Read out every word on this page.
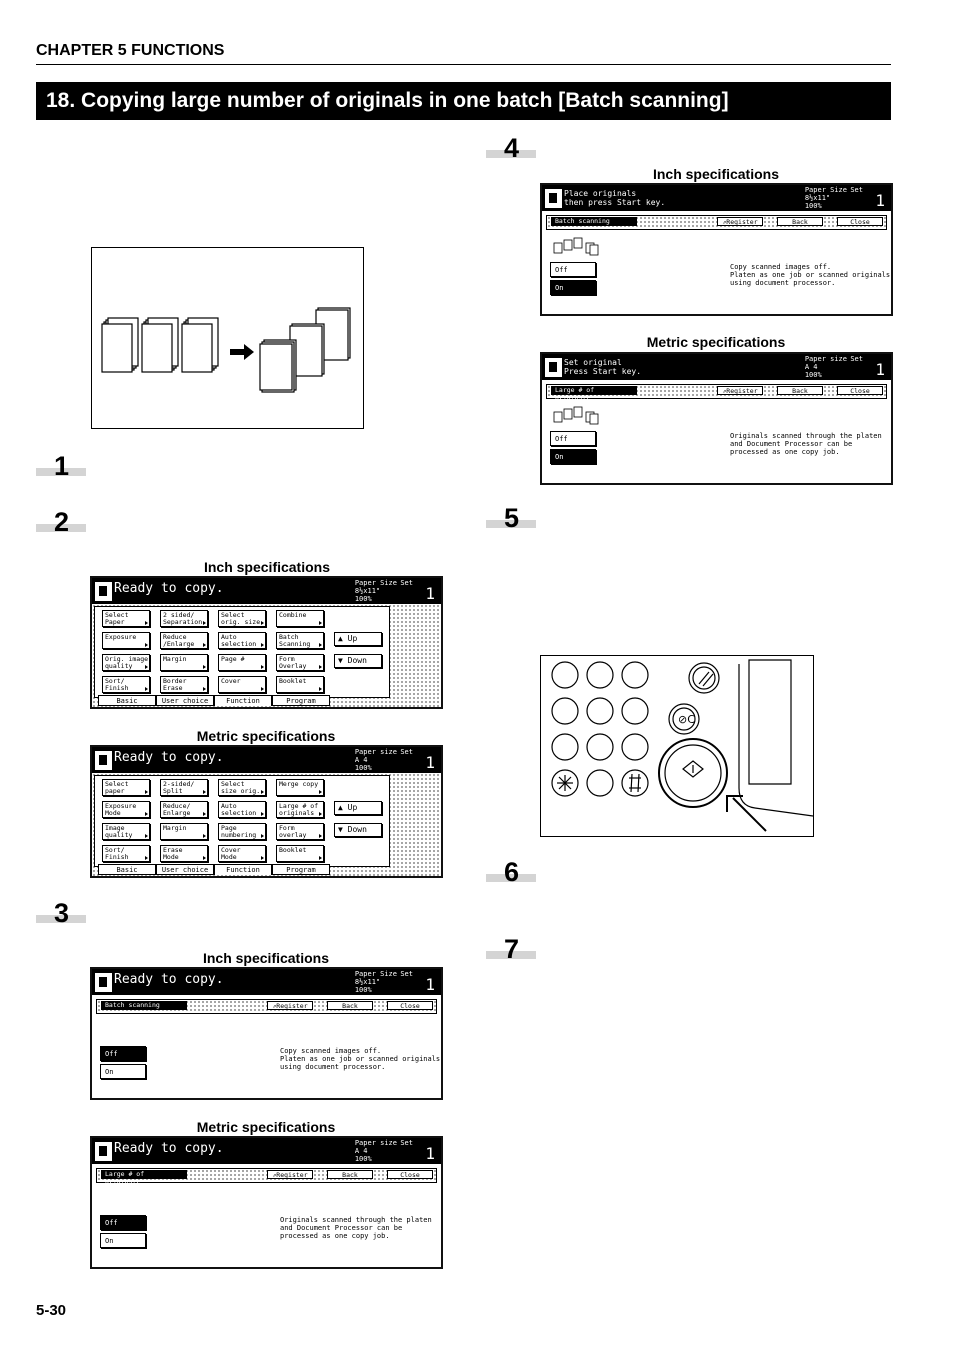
CHAPTER 5 FUNCTIONS
18. Copying large number of originals in one batch [Batch scanning]
1
2
3
4
5
6
7
Inch specifications
Ready to copy.	Paper Size
8½x11"
100%
Set
1
Select
Paper
2 sided/
Separation
Select
orig. size
Combine
Exposure	Reduce
/Enlarge
Auto
selection
Batch
Scanning
Orig. image
quality
Margin	Page #	Form
Overlay
Sort/
Finish
Border
Erase
Cover	Booklet
▲ Up
▼ Down
Basic	User choice	Function	Program
Metric specifications
Ready to copy.	Paper size
A 4
100%
Set
1
Select
paper
2-sided/
Split
Select
size orig.
Merge copy
Exposure
Mode
Reduce/
Enlarge
Auto
selection
Large # of
originals
Image
quality
Margin	Page
numbering
Form
overlay
Sort/
Finish
Erase
Mode
Cover
Mode
Booklet
▲ Up
▼ Down
Basic	User choice	Function	Program
Inch specifications
Ready to copy.	Paper Size
8½x11"
100%
Set
1
Batch scanning	⇗Register	Back	Close
Off
On
Copy scanned images off.
Platen as one job or scanned originals
using document processor.
Metric specifications
Ready to copy.	Paper size
A 4
100%
Set
1
Large # of originals
⇗Register	Back	Close
Off
On
Originals scanned through the platen
and Document Processor can be
processed as one copy job.
Inch specifications
Place originals
then press Start key.
Paper Size
8½x11"
100%
Set
1
Batch scanning	⇗Register	Back	Close
Off
On
Copy scanned images off.
Platen as one job or scanned originals
using document processor.
Metric specifications
Set original
Press Start key.
Paper size
A 4
100%
Set
1
Large # of originals
⇗Register	Back	Close
Off
On
Originals scanned through the platen
and Document Processor can be
processed as one copy job.
⊘C
5-30
